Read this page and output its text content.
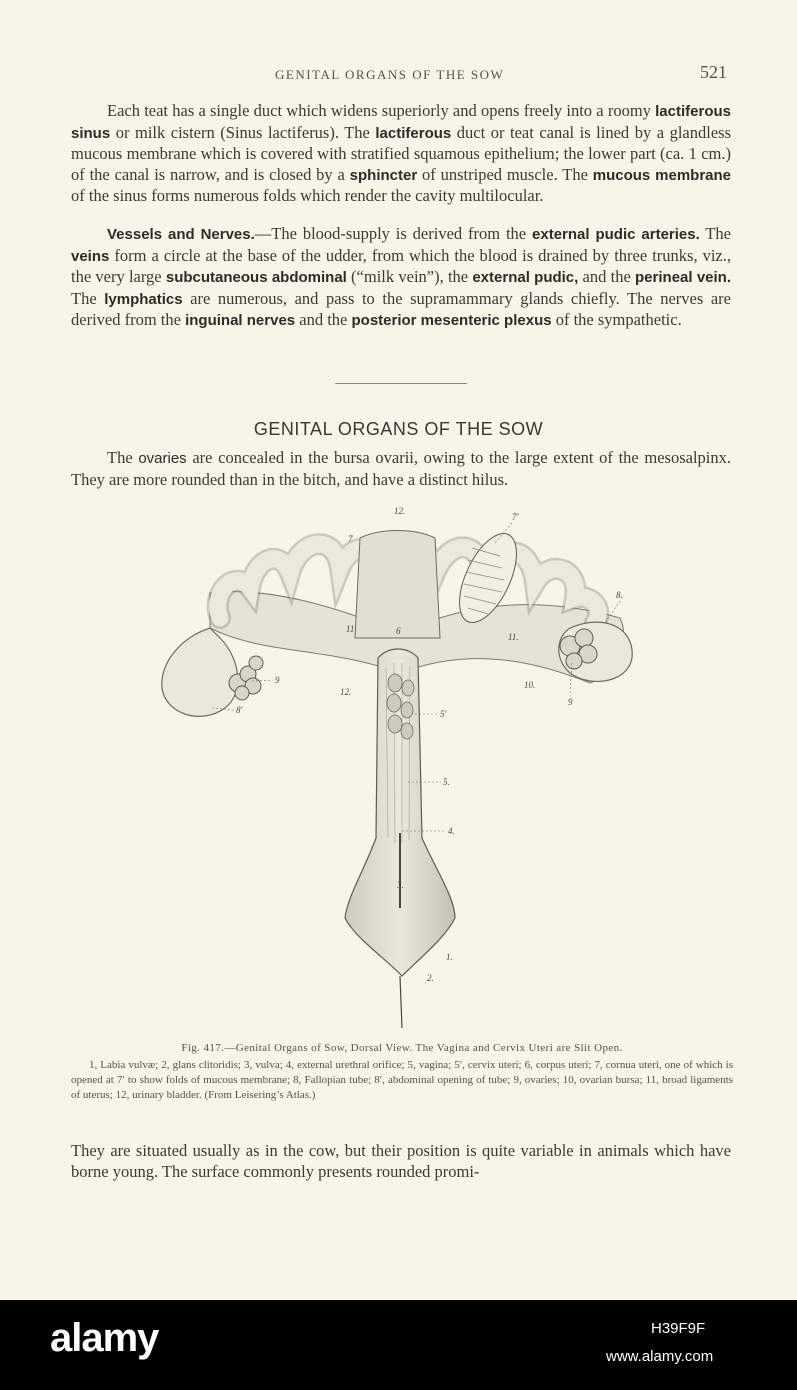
GENITAL ORGANS OF THE SOW	521

Each teat has a single duct which widens superiorly and opens freely into a roomy lactiferous sinus or milk cistern (Sinus lactiferus). The lactiferous duct or teat canal is lined by a glandless mucous membrane which is covered with stratified squamous epithelium; the lower part (ca. 1 cm.) of the canal is narrow, and is closed by a sphincter of unstriped muscle. The mucous membrane of the sinus forms numerous folds which render the cavity multilocular.

Vessels and Nerves.—The blood-supply is derived from the external pudic arteries. The veins form a circle at the base of the udder, from which the blood is drained by three trunks, viz., the very large subcutaneous abdominal (“milk vein”), the external pudic, and the perineal vein. The lymphatics are numerous, and pass to the supramammary glands chiefly. The nerves are derived from the inguinal nerves and the posterior mesenteric plexus of the sympathetic.

GENITAL ORGANS OF THE SOW

The ovaries are concealed in the bursa ovarii, owing to the large extent of the mesosalpinx. They are more rounded than in the bitch, and have a distinct hilus.

12.
7
7′
8.
11	6
11.
9	10.
9
8′
12.
5′
5.
4.
3.
1.
2.

Fig. 417.—Genital Organs of Sow, Dorsal View. The Vagina and Cervix Uteri are Slit Open.

1, Labia vulvæ; 2, glans clitoridis; 3, vulva; 4, external urethral orifice; 5, vagina; 5′, cervix uteri; 6, corpus uteri; 7, cornua uteri, one of which is opened at 7′ to show folds of mucous membrane; 8, Fallopian tube; 8′, abdominal opening of tube; 9, ovaries; 10, ovarian bursa; 11, broad ligaments of uterus; 12, urinary bladder. (From Leisering’s Atlas.)

They are situated usually as in the cow, but their position is quite variable in animals which have borne young. The surface commonly presents rounded promi-

alamy	H39F9F
www.alamy.com
